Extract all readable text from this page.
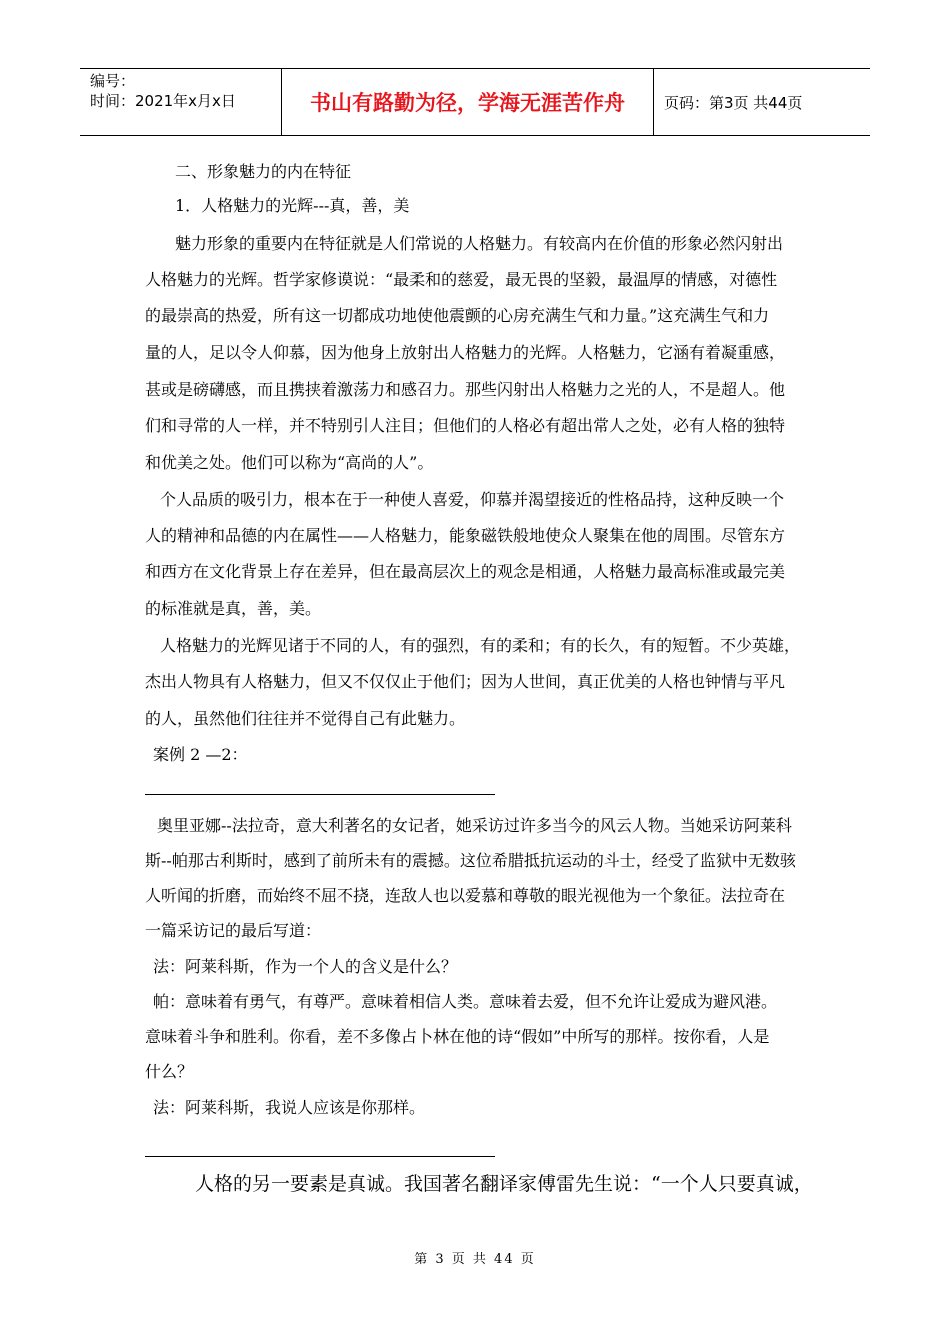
编号：
时间：2021年x月x日	书山有路勤为径，学海无涯苦作舟	页码：第3页 共44页
二、形象魅力的内在特征
1．人格魅力的光辉---真，善，美
魅力形象的重要内在特征就是人们常说的人格魅力。有较高内在价值的形象必然闪射出
人格魅力的光辉。哲学家修谟说：“最柔和的慈爱，最无畏的坚毅，最温厚的情感，对德性
的最崇高的热爱，所有这一切都成功地使他震颤的心房充满生气和力量。”这充满生气和力
量的人，足以令人仰慕，因为他身上放射出人格魅力的光辉。人格魅力，它涵有着凝重感，
甚或是磅礴感，而且携挟着激荡力和感召力。那些闪射出人格魅力之光的人，不是超人。他
们和寻常的人一样，并不特别引人注目；但他们的人格必有超出常人之处，必有人格的独特
和优美之处。他们可以称为“高尚的人”。
个人品质的吸引力，根本在于一种使人喜爱，仰慕并渴望接近的性格品持，这种反映一个
人的精神和品德的内在属性——人格魅力，能象磁铁般地使众人聚集在他的周围。尽管东方
和西方在文化背景上存在差异，但在最高层次上的观念是相通，人格魅力最高标准或最完美
的标准就是真，善，美。
人格魅力的光辉见诸于不同的人，有的强烈，有的柔和；有的长久，有的短暂。不少英雄，
杰出人物具有人格魅力，但又不仅仅止于他们；因为人世间，真正优美的人格也钟情与平凡
的人，虽然他们往往并不觉得自己有此魅力。
案例 2 —2：
奥里亚娜--法拉奇，意大利著名的女记者，她采访过许多当今的风云人物。当她采访阿莱科
斯--帕那古利斯时，感到了前所未有的震撼。这位希腊抵抗运动的斗士，经受了监狱中无数骇
人听闻的折磨，而始终不屈不挠，连敌人也以爱慕和尊敬的眼光视他为一个象征。法拉奇在
一篇采访记的最后写道：
法：阿莱科斯，作为一个人的含义是什么？
帕：意味着有勇气，有尊严。意味着相信人类。意味着去爱，但不允许让爱成为避风港。
意味着斗争和胜利。你看，差不多像占卜林在他的诗“假如”中所写的那样。按你看，人是
什么？
法：阿莱科斯，我说人应该是你那样。
人格的另一要素是真诚。我国著名翻译家傅雷先生说：“一个人只要真诚，
第 3 页 共 44 页
